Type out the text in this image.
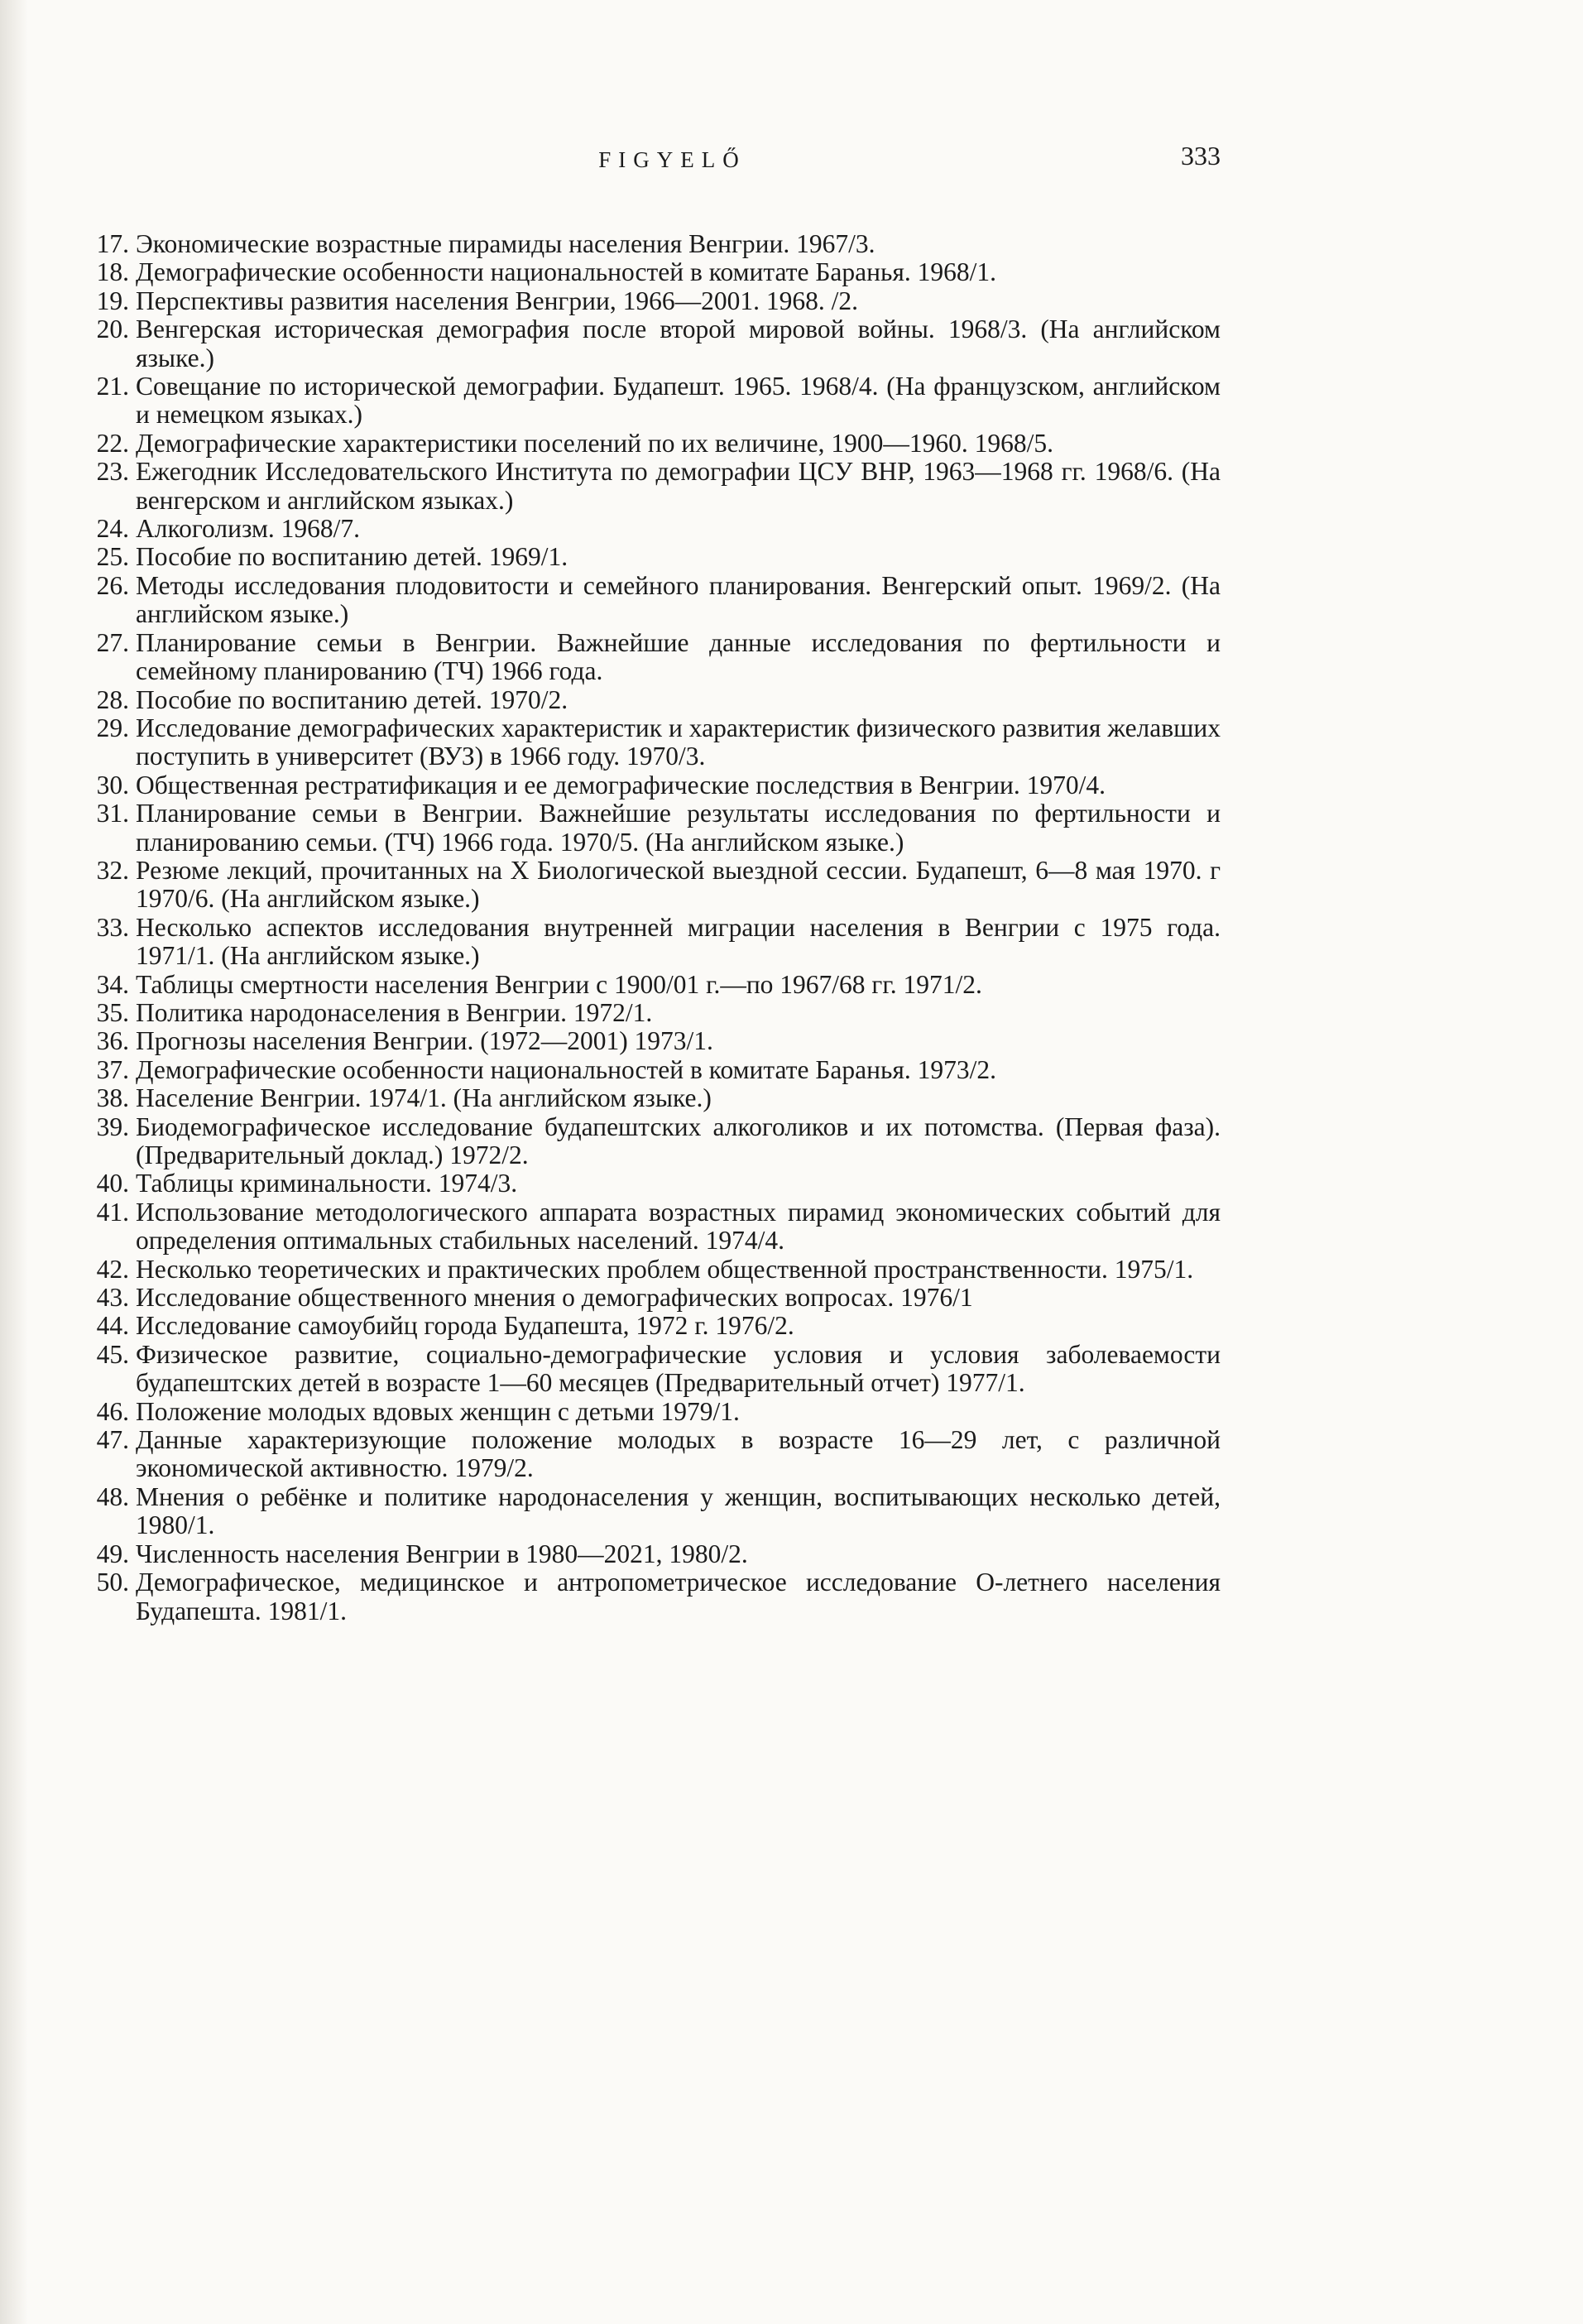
FIGYELŐ	333
17. Экономические возрастные пирамиды населения Венгрии. 1967/3.
18. Демографические особенности национальностей в комитате Баранья. 1968/1.
19. Перспективы развития населения Венгрии, 1966—2001. 1968. /2.
20. Венгерская историческая демография после второй мировой войны. 1968/3. (На английском языке.)
21. Совещание по исторической демографии. Будапешт. 1965. 1968/4. (На французском, английском и немецком языках.)
22. Демографические характеристики поселений по их величине, 1900—1960. 1968/5.
23. Ежегодник Исследовательского Института по демографии ЦСУ ВНР, 1963—1968 гг. 1968/6. (На венгерском и английском языках.)
24. Алкоголизм. 1968/7.
25. Пособие по воспитанию детей. 1969/1.
26. Методы исследования плодовитости и семейного планирования. Венгерский опыт. 1969/2. (На английском языке.)
27. Планирование семьи в Венгрии. Важнейшие данные исследования по фертильности и семейному планированию (ТЧ) 1966 года.
28. Пособие по воспитанию детей. 1970/2.
29. Исследование демографических характеристик и характеристик физического развития желавших поступить в университет (ВУЗ) в 1966 году. 1970/3.
30. Общественная рестратификация и ее демографические последствия в Венгрии. 1970/4.
31. Планирование семьи в Венгрии. Важнейшие результаты исследования по фертильности и планированию семьи. (ТЧ) 1966 года. 1970/5. (На английском языке.)
32. Резюме лекций, прочитанных на X Биологической выездной сессии. Будапешт, 6—8 мая 1970. г 1970/6. (На английском языке.)
33. Несколько аспектов исследования внутренней миграции населения в Венгрии с 1975 года. 1971/1. (На английском языке.)
34. Таблицы смертности населения Венгрии с 1900/01 г.—по 1967/68 гг. 1971/2.
35. Политика народонаселения в Венгрии. 1972/1.
36. Прогнозы населения Венгрии. (1972—2001) 1973/1.
37. Демографические особенности национальностей в комитате Баранья. 1973/2.
38. Население Венгрии. 1974/1. (На английском языке.)
39. Биодемографическое исследование будапештских алкоголиков и их потомства. (Первая фаза). (Предварительный доклад.) 1972/2.
40. Таблицы криминальности. 1974/3.
41. Использование методологического аппарата возрастных пирамид экономических событий для определения оптимальных стабильных населений. 1974/4.
42. Несколько теоретических и практических проблем общественной пространственности. 1975/1.
43. Исследование общественного мнения о демографических вопросах. 1976/1
44. Исследование самоубийц города Будапешта, 1972 г. 1976/2.
45. Физическое развитие, социально-демографические условия и условия заболеваемости будапештских детей в возрасте 1—60 месяцев (Предварительный отчет) 1977/1.
46. Положение молодых вдовых женщин с детьми 1979/1.
47. Данные характеризующие положение молодых в возрасте 16—29 лет, с различной экономической активностю. 1979/2.
48. Мнения о ребёнке и политике народонаселения у женщин, воспитывающих несколько детей, 1980/1.
49. Численность населения Венгрии в 1980—2021, 1980/2.
50. Демографическое, медицинское и антропометрическое исследование О-летнего населения Будапешта. 1981/1.
